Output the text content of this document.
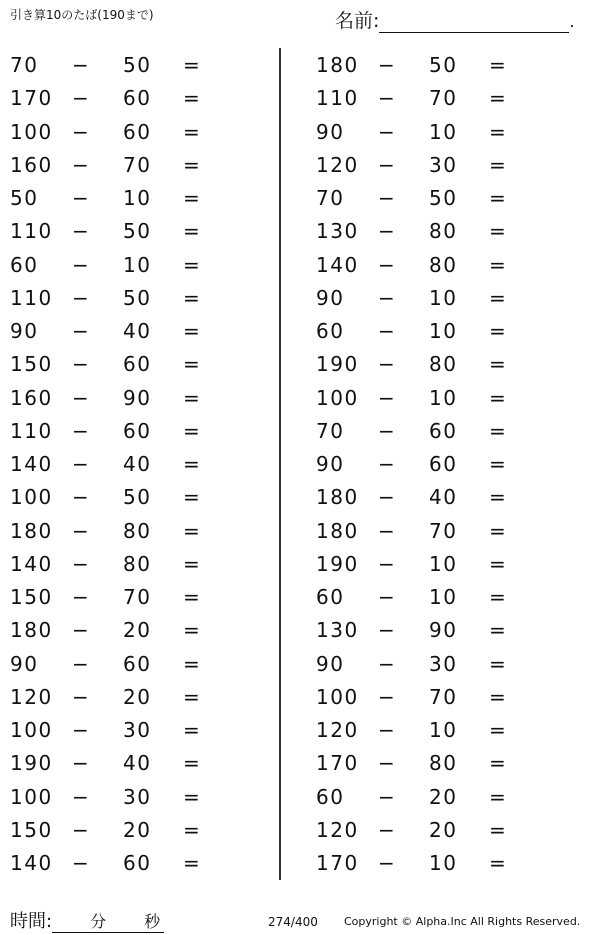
引き算10のたば(190まで)	名前:	.
70 − 50 =
170 − 60 =
100 − 60 =
160 − 70 =
50 − 10 =
110 − 50 =
60 − 10 =
110 − 50 =
90 − 40 =
150 − 60 =
160 − 90 =
110 − 60 =
140 − 40 =
100 − 50 =
180 − 80 =
140 − 80 =
150 − 70 =
180 − 20 =
90 − 60 =
120 − 20 =
100 − 30 =
190 − 40 =
100 − 30 =
150 − 20 =
140 − 60 =
180 − 50 =
110 − 70 =
90 − 10 =
120 − 30 =
70 − 50 =
130 − 80 =
140 − 80 =
90 − 10 =
60 − 10 =
190 − 80 =
100 − 10 =
70 − 60 =
90 − 60 =
180 − 40 =
180 − 70 =
190 − 10 =
60 − 10 =
130 − 90 =
90 − 30 =
100 − 70 =
120 − 10 =
170 − 80 =
60 − 20 =
120 − 20 =
170 − 10 =
時間: 分 秒	274/400 Copyright © Alpha.Inc All Rights Reserved.
